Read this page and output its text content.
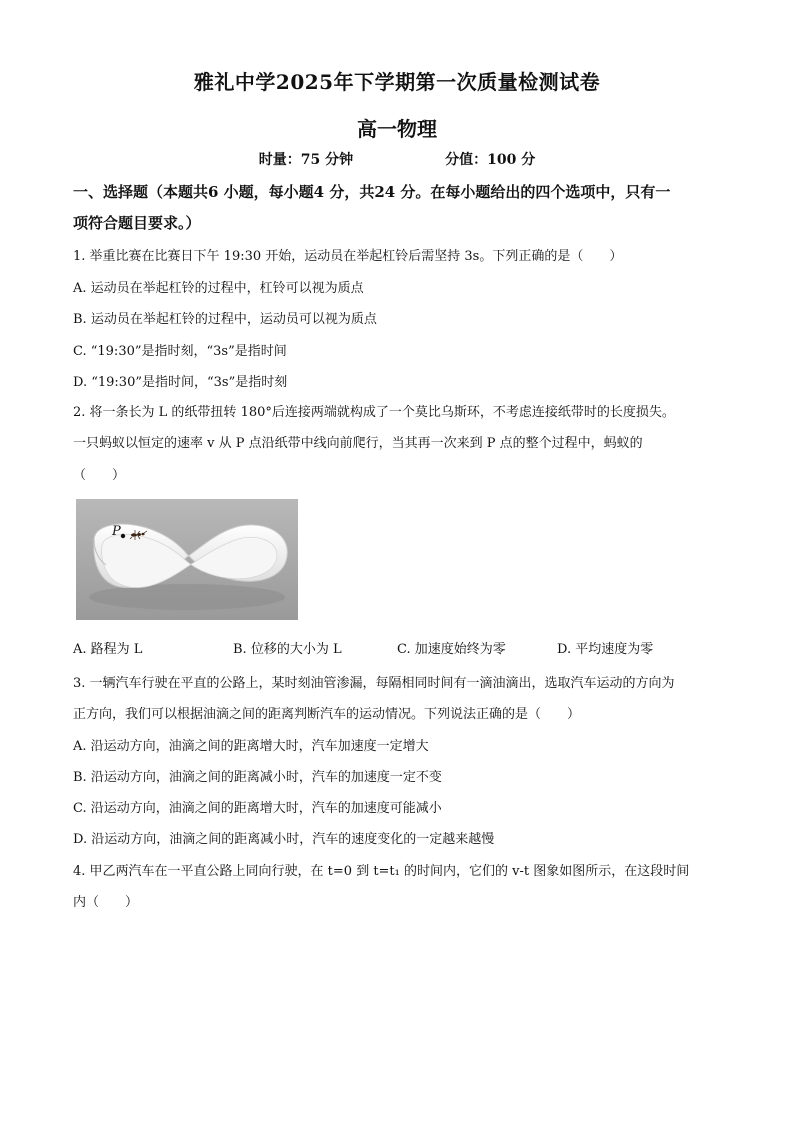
雅礼中学2025年下学期第一次质量检测试卷
高一物理
时量：75 分钟	分值：100 分
一、选择题（本题共6 小题，每小题4 分，共24 分。在每小题给出的四个选项中，只有一
项符合题目要求。）
1. 举重比赛在比赛日下午 19:30 开始，运动员在举起杠铃后需坚持 3s。下列正确的是（　　）
A. 运动员在举起杠铃的过程中，杠铃可以视为质点
B. 运动员在举起杠铃的过程中，运动员可以视为质点
C. “19:30”是指时刻，“3s”是指时间
D. “19:30”是指时间，“3s”是指时刻
2. 将一条长为 L 的纸带扭转 180°后连接两端就构成了一个莫比乌斯环，不考虑连接纸带时的长度损失。
一只蚂蚁以恒定的速率 v 从 P 点沿纸带中线向前爬行，当其再一次来到 P 点的整个过程中，蚂蚁的
（　　）
P
A. 路程为 L	B. 位移的大小为 L	C. 加速度始终为零	D. 平均速度为零
3. 一辆汽车行驶在平直的公路上，某时刻油管渗漏，每隔相同时间有一滴油滴出，选取汽车运动的方向为
正方向，我们可以根据油滴之间的距离判断汽车的运动情况。下列说法正确的是（　　）
A. 沿运动方向，油滴之间的距离增大时，汽车加速度一定增大
B. 沿运动方向，油滴之间的距离减小时，汽车的加速度一定不变
C. 沿运动方向，油滴之间的距离增大时，汽车的加速度可能减小
D. 沿运动方向，油滴之间的距离减小时，汽车的速度变化的一定越来越慢
4. 甲乙两汽车在一平直公路上同向行驶，在 t=0 到 t=t₁ 的时间内，它们的 v-t 图象如图所示，在这段时间
内（　　）
